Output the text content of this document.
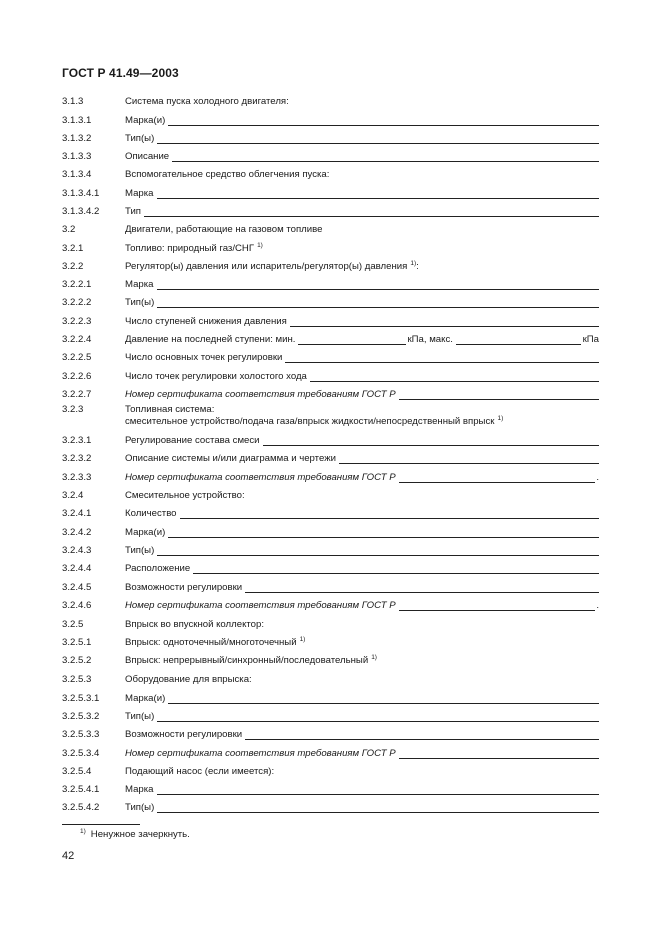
ГОСТ Р 41.49—2003
3.1.3	Система пуска холодного двигателя:
3.1.3.1	Марка(и)
3.1.3.2	Тип(ы)
3.1.3.3	Описание
3.1.3.4	Вспомогательное средство облегчения пуска:
3.1.3.4.1	Марка
3.1.3.4.2	Тип
3.2	Двигатели, работающие на газовом топливе
3.2.1	Топливо: природный газ/СНГ $^{1)}$
3.2.2	Регулятор(ы) давления или испаритель/регулятор(ы) давления $^{1)}$:
3.2.2.1	Марка
3.2.2.2	Тип(ы)
3.2.2.3	Число ступеней снижения давления
3.2.2.4	Давление на последней ступени: мин.	кПа, макс.	кПа
3.2.2.5	Число основных точек регулировки
3.2.2.6	Число точек регулировки холостого хода
3.2.2.7	Номер сертификата соответствия требованиям ГОСТ Р
3.2.3	Топливная система:
смесительное устройство/подача газа/впрыск жидкости/непосредственный впрыск $^{1)}$
3.2.3.1	Регулирование состава смеси
3.2.3.2	Описание системы и/или диаграмма и чертежи
3.2.3.3	Номер сертификата соответствия требованиям ГОСТ Р	.
3.2.4	Смесительное устройство:
3.2.4.1	Количество
3.2.4.2	Марка(и)
3.2.4.3	Тип(ы)
3.2.4.4	Расположение
3.2.4.5	Возможности регулировки
3.2.4.6	Номер сертификата соответствия требованиям ГОСТ Р	.
3.2.5	Впрыск во впускной коллектор:
3.2.5.1	Впрыск: одноточечный/многоточечный $^{1)}$
3.2.5.2	Впрыск: непрерывный/синхронный/последовательный $^{1)}$
3.2.5.3	Оборудование для впрыска:
3.2.5.3.1	Марка(и)
3.2.5.3.2	Тип(ы)
3.2.5.3.3	Возможности регулировки
3.2.5.3.4	Номер сертификата соответствия требованиям ГОСТ Р
3.2.5.4	Подающий насос (если имеется):
3.2.5.4.1	Марка
3.2.5.4.2	Тип(ы)
$^{1)}$ Ненужное зачеркнуть.
42
